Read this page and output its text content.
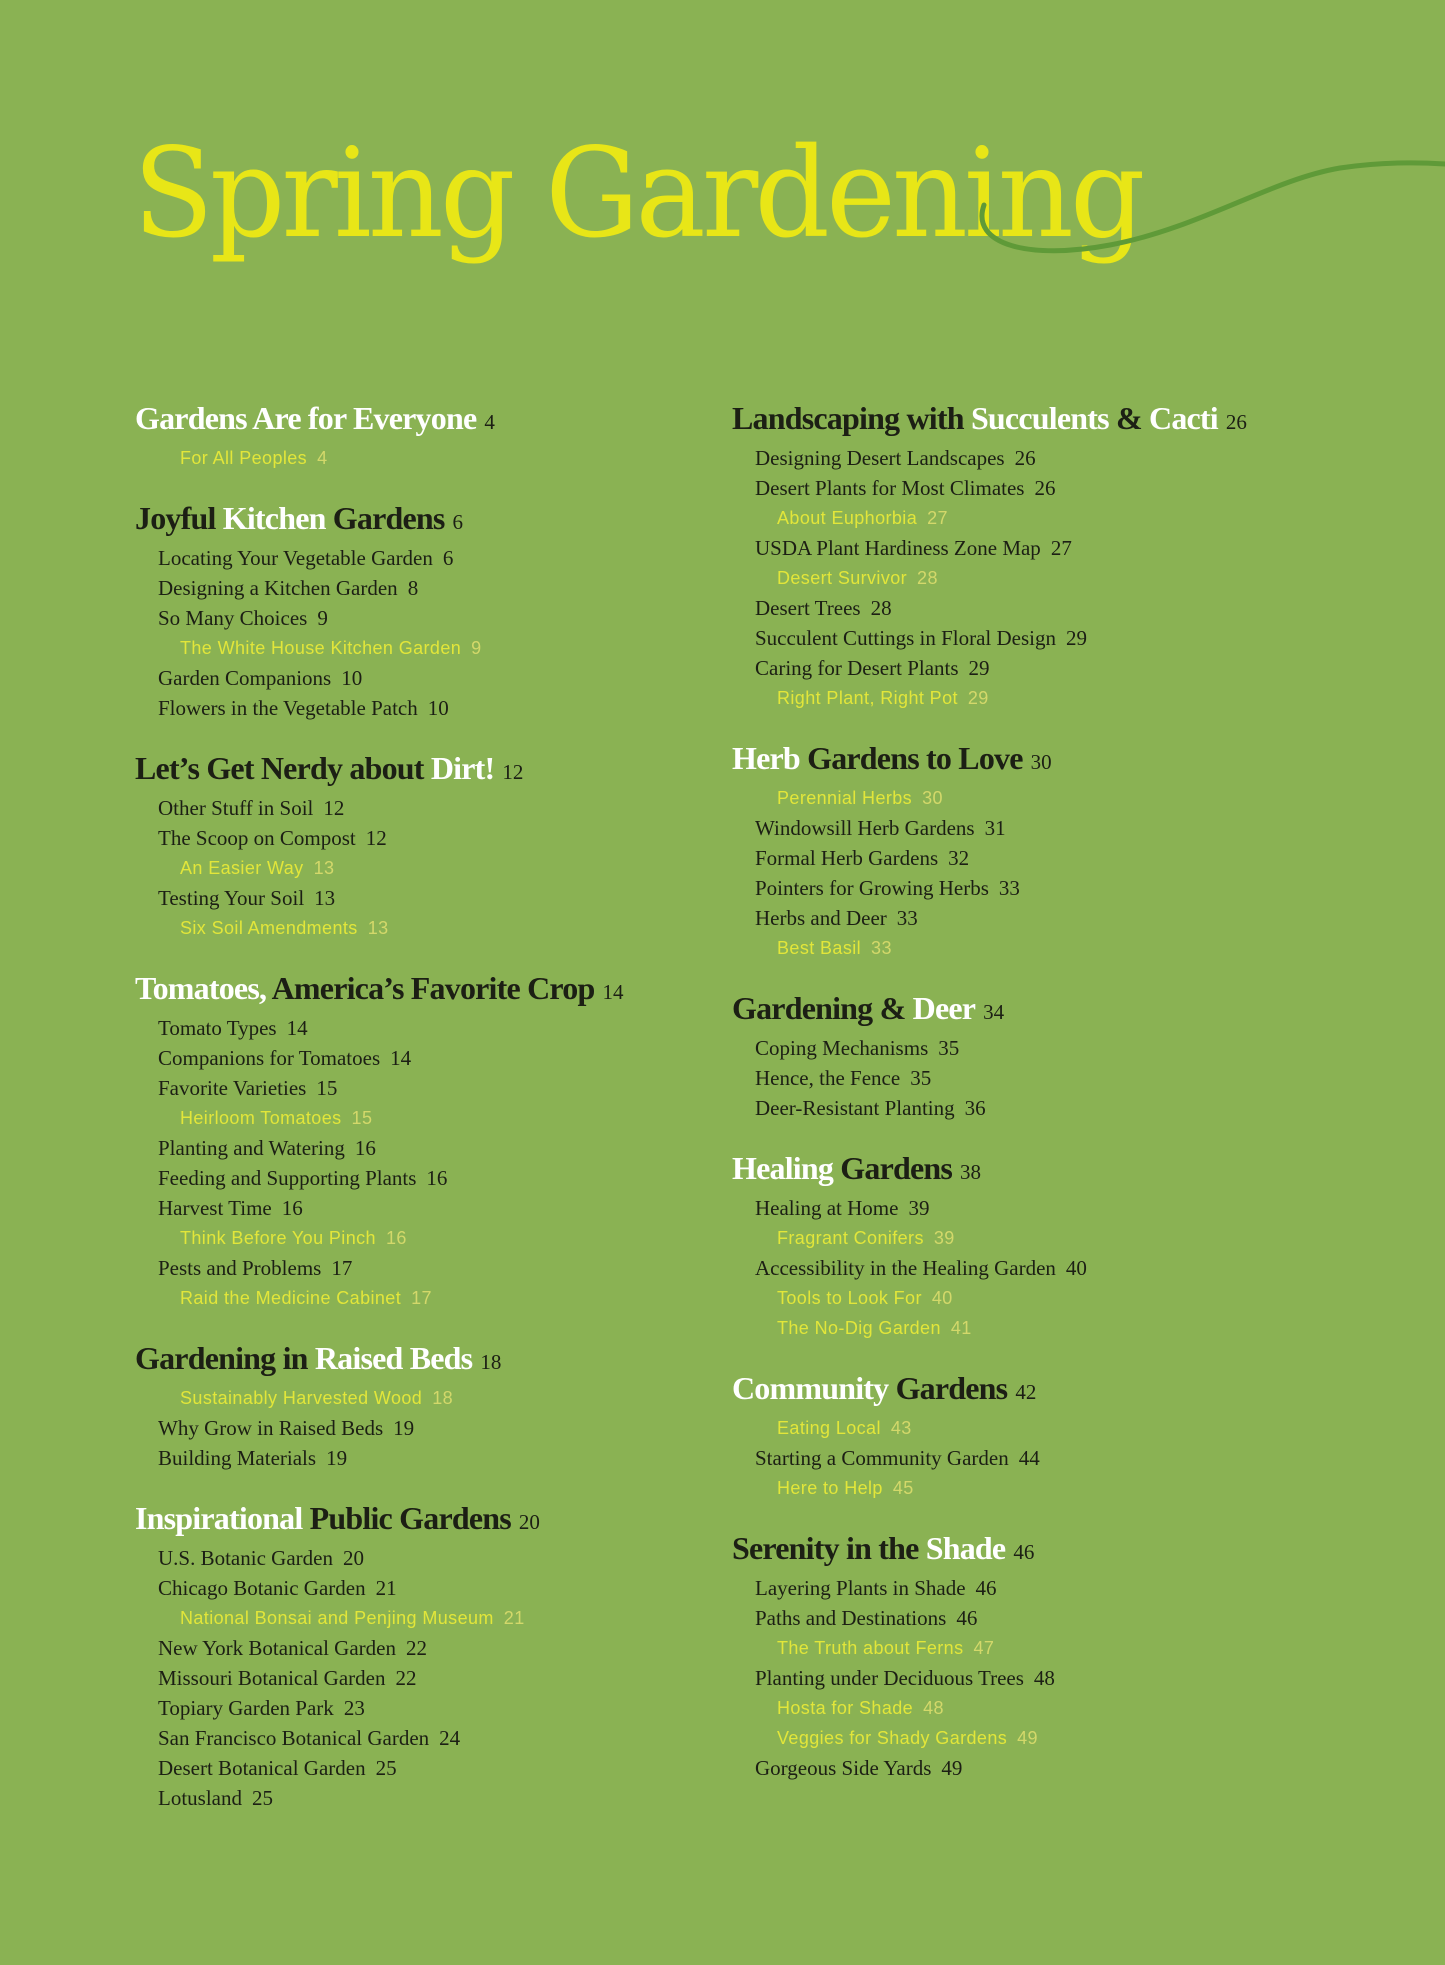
Spring Gardening
Gardens Are for Everyone 4
For All Peoples 4
Joyful Kitchen Gardens 6
Locating Your Vegetable Garden 6
Designing a Kitchen Garden 8
So Many Choices 9
The White House Kitchen Garden 9
Garden Companions 10
Flowers in the Vegetable Patch 10
Let’s Get Nerdy about Dirt! 12
Other Stuff in Soil 12
The Scoop on Compost 12
An Easier Way 13
Testing Your Soil 13
Six Soil Amendments 13
Tomatoes, America’s Favorite Crop 14
Tomato Types 14
Companions for Tomatoes 14
Favorite Varieties 15
Heirloom Tomatoes 15
Planting and Watering 16
Feeding and Supporting Plants 16
Harvest Time 16
Think Before You Pinch 16
Pests and Problems 17
Raid the Medicine Cabinet 17
Gardening in Raised Beds 18
Sustainably Harvested Wood 18
Why Grow in Raised Beds 19
Building Materials 19
Inspirational Public Gardens 20
U.S. Botanic Garden 20
Chicago Botanic Garden 21
National Bonsai and Penjing Museum 21
New York Botanical Garden 22
Missouri Botanical Garden 22
Topiary Garden Park 23
San Francisco Botanical Garden 24
Desert Botanical Garden 25
Lotusland 25
Landscaping with Succulents & Cacti 26
Designing Desert Landscapes 26
Desert Plants for Most Climates 26
About Euphorbia 27
USDA Plant Hardiness Zone Map 27
Desert Survivor 28
Desert Trees 28
Succulent Cuttings in Floral Design 29
Caring for Desert Plants 29
Right Plant, Right Pot 29
Herb Gardens to Love 30
Perennial Herbs 30
Windowsill Herb Gardens 31
Formal Herb Gardens 32
Pointers for Growing Herbs 33
Herbs and Deer 33
Best Basil 33
Gardening & Deer 34
Coping Mechanisms 35
Hence, the Fence 35
Deer-Resistant Planting 36
Healing Gardens 38
Healing at Home 39
Fragrant Conifers 39
Accessibility in the Healing Garden 40
Tools to Look For 40
The No-Dig Garden 41
Community Gardens 42
Eating Local 43
Starting a Community Garden 44
Here to Help 45
Serenity in the Shade 46
Layering Plants in Shade 46
Paths and Destinations 46
The Truth about Ferns 47
Planting under Deciduous Trees 48
Hosta for Shade 48
Veggies for Shady Gardens 49
Gorgeous Side Yards 49
